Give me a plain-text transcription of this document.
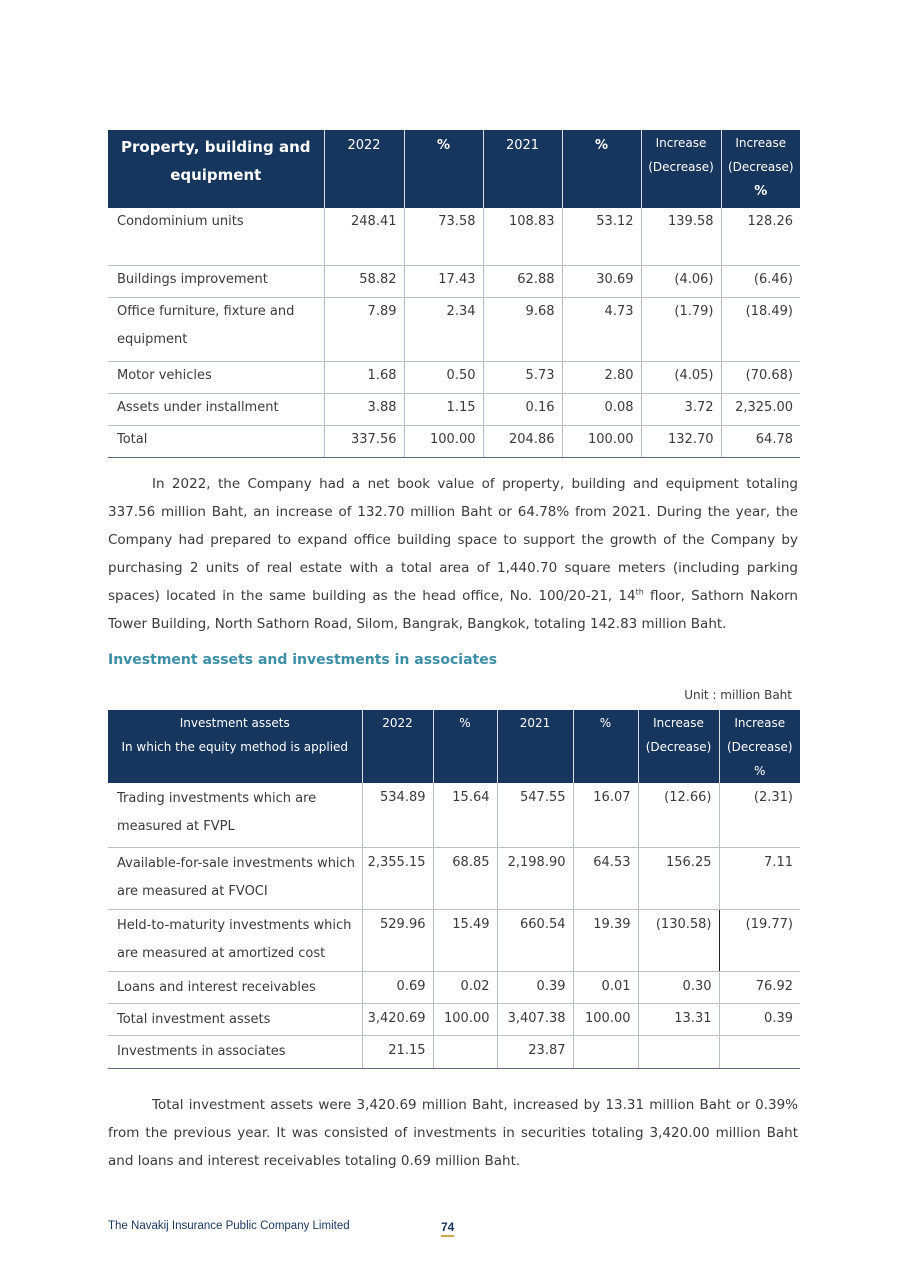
Property, building and equipment	2022	%	2021	%	Increase (Decrease)	Increase (Decrease)
%
Condominium units	248.41	73.58	108.83	53.12	139.58	128.26
Buildings improvement	58.82	17.43	62.88	30.69	(4.06)	(6.46)
Office furniture, fixture and equipment	7.89	2.34	9.68	4.73	(1.79)	(18.49)
Motor vehicles	1.68	0.50	5.73	2.80	(4.05)	(70.68)
Assets under installment	3.88	1.15	0.16	0.08	3.72	2,325.00
Total	337.56	100.00	204.86	100.00	132.70	64.78

In 2022, the Company had a net book value of property, building and equipment totaling 337.56 million Baht, an increase of 132.70 million Baht or 64.78% from 2021. During the year, the Company had prepared to expand office building space to support the growth of the Company by purchasing 2 units of real estate with a total area of 1,440.70 square meters (including parking spaces) located in the same building as the head office, No. 100/20-21, 14th floor, Sathorn Nakorn Tower Building, North Sathorn Road, Silom, Bangrak, Bangkok, totaling 142.83 million Baht.

Investment assets and investments in associates
Unit : million Baht
Investment assets
In which the equity method is applied	2022	%	2021	%	Increase (Decrease)	Increase (Decrease)
%
Trading investments which are measured at FVPL	534.89	15.64	547.55	16.07	(12.66)	(2.31)
Available-for-sale investments which are measured at FVOCI	2,355.15	68.85	2,198.90	64.53	156.25	7.11
Held-to-maturity investments which are measured at amortized cost	529.96	15.49	660.54	19.39	(130.58)	(19.77)
Loans and interest receivables	0.69	0.02	0.39	0.01	0.30	76.92
Total investment assets	3,420.69	100.00	3,407.38	100.00	13.31	0.39
Investments in associates	21.15		23.87			

Total investment assets were 3,420.69 million Baht, increased by 13.31 million Baht or 0.39% from the previous year. It was consisted of investments in securities totaling 3,420.00 million Baht and loans and interest receivables totaling 0.69 million Baht.

The Navakij Insurance Public Company Limited	74
